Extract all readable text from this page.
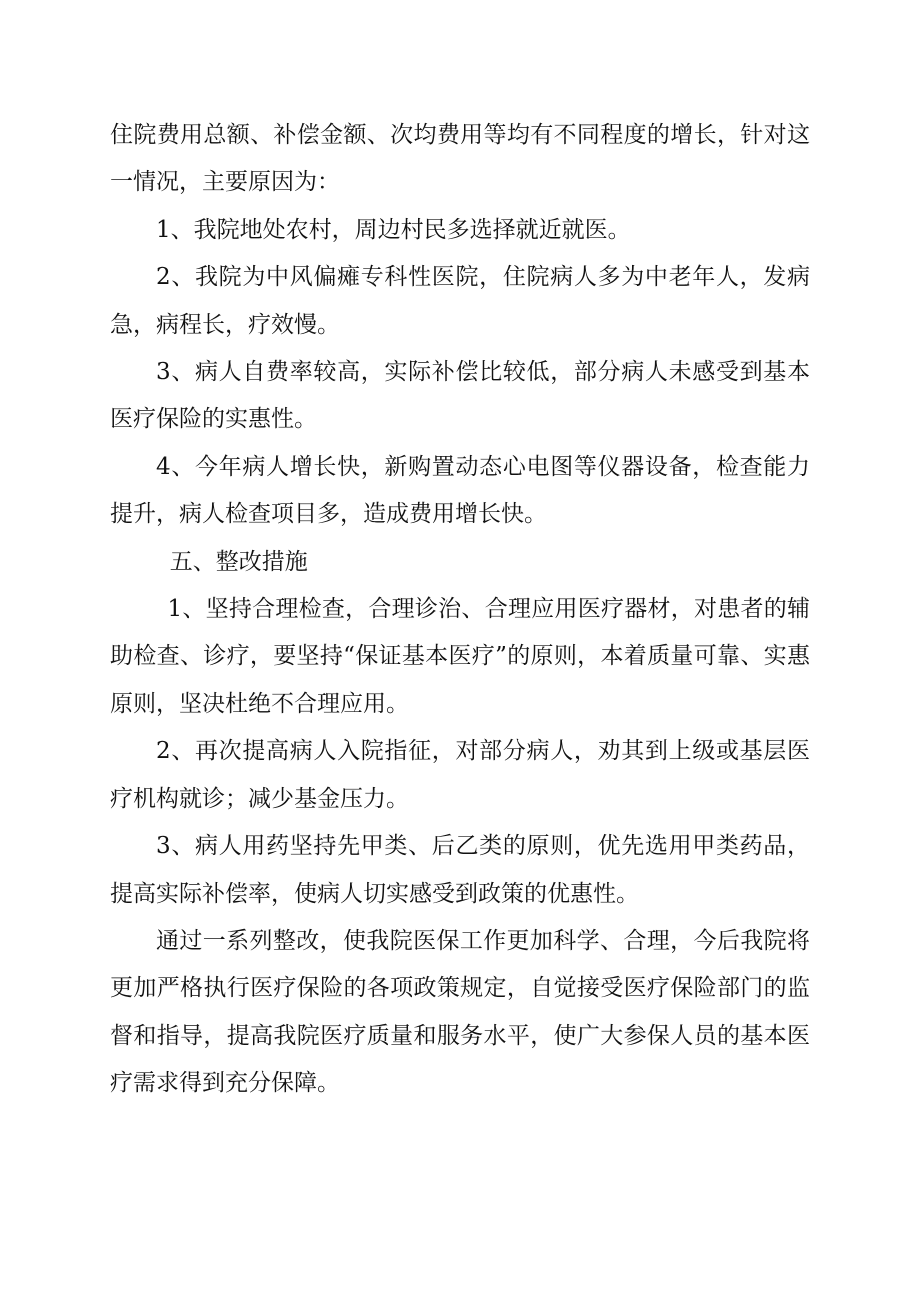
住院费用总额、补偿金额、次均费用等均有不同程度的增长，针对这一情况，主要原因为：

1、我院地处农村，周边村民多选择就近就医。

2、我院为中风偏瘫专科性医院，住院病人多为中老年人，发病急，病程长，疗效慢。

3、病人自费率较高，实际补偿比较低，部分病人未感受到基本医疗保险的实惠性。

4、今年病人增长快，新购置动态心电图等仪器设备，检查能力提升，病人检查项目多，造成费用增长快。

五、整改措施

1、坚持合理检查，合理诊治、合理应用医疗器材，对患者的辅助检查、诊疗，要坚持“保证基本医疗”的原则，本着质量可靠、实惠原则，坚决杜绝不合理应用。

2、再次提高病人入院指征，对部分病人，劝其到上级或基层医疗机构就诊；减少基金压力。

3、病人用药坚持先甲类、后乙类的原则，优先选用甲类药品，提高实际补偿率，使病人切实感受到政策的优惠性。

通过一系列整改，使我院医保工作更加科学、合理，今后我院将更加严格执行医疗保险的各项政策规定，自觉接受医疗保险部门的监督和指导，提高我院医疗质量和服务水平，使广大参保人员的基本医疗需求得到充分保障。
